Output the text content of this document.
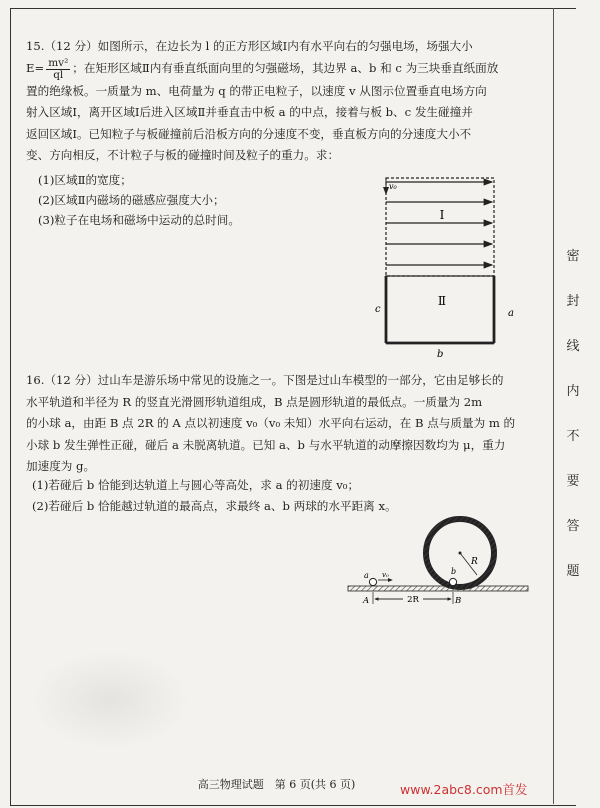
密
封
线
内
不
要
答
题

15.（12 分）如图所示，在边长为 l 的正方形区域Ⅰ内有水平向右的匀强电场，场强大小

$E= \frac{\text{mv²}}{ql}$ ；在矩形区域Ⅱ内有垂直纸面向里的匀强磁场，其边界 a、b 和 c 为三块垂直纸面放

置的绝缘板。一质量为 m、电荷量为 q 的带正电粒子，以速度 v 从图示位置垂直电场方向

射入区域Ⅰ，离开区域Ⅰ后进入区域Ⅱ并垂直击中板 a 的中点，接着与板 b、c 发生碰撞并

返回区域Ⅰ。已知粒子与板碰撞前后沿板方向的分速度不变，垂直板方向的分速度大小不

变、方向相反，不计粒子与板的碰撞时间及粒子的重力。求：

(1)区域Ⅱ的宽度；
(2)区域Ⅱ内磁场的磁感应强度大小；
(3)粒子在电场和磁场中运动的总时间。
v₀
Ⅰ
Ⅱ
c	a
b

16.（12 分）过山车是游乐场中常见的设施之一。下图是过山车模型的一部分，它由足够长的

水平轨道和半径为 R 的竖直光滑圆形轨道组成，B 点是圆形轨道的最低点。一质量为 2m

的小球 a，由距 B 点 2R 的 A 点以初速度 v₀（v₀ 未知）水平向右运动，在 B 点与质量为 m 的

小球 b 发生弹性正碰，碰后 a 未脱离轨道。已知 a、b 与水平轨道的动摩擦因数均为 μ，重力

加速度为 g。

(1)若碰后 b 恰能到达轨道上与圆心等高处，求 a 的初速度 v₀；
(2)若碰后 b 恰能越过轨道的最高点，求最终 a、b 两球的水平距离 x。
R
a v₀	b
2R
A	B
高三物理试题　第 6 页(共 6 页)	www.2abc8.com首发
